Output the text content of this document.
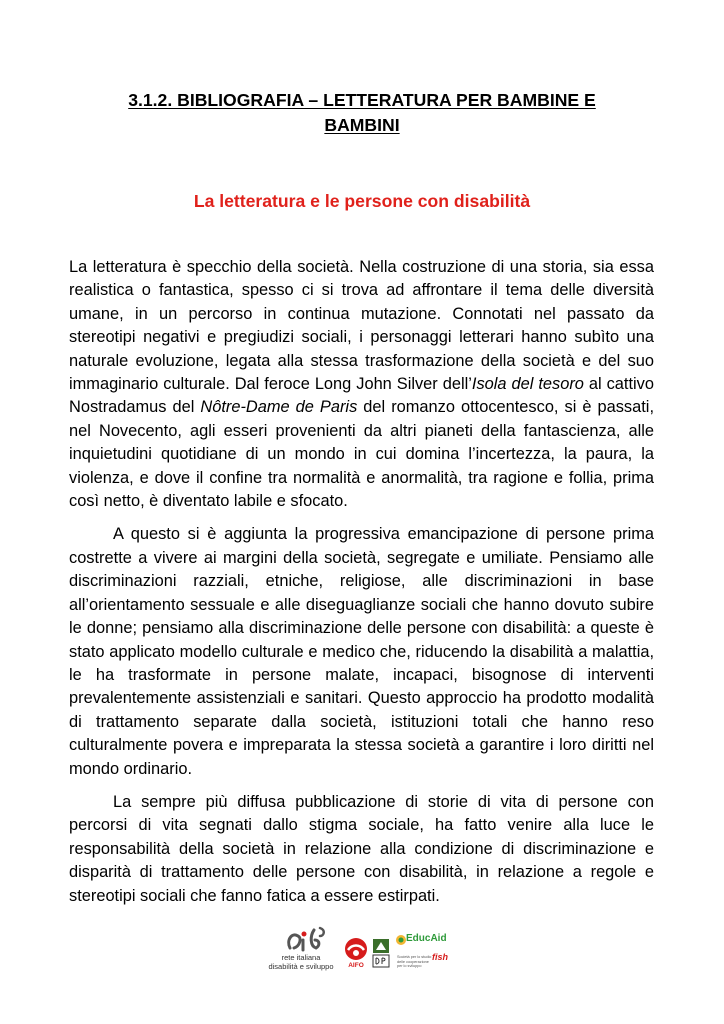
3.1.2. BIBLIOGRAFIA – LETTERATURA PER BAMBINE E
BAMBINI
La letteratura e le persone con disabilità

La letteratura è specchio della società. Nella costruzione di una storia, sia essa realistica o fantastica, spesso ci si trova ad affrontare il tema delle diversità umane, in un percorso in continua mutazione. Connotati nel passato da stereotipi negativi e pregiudizi sociali, i personaggi letterari hanno subìto una naturale evoluzione, legata alla stessa trasformazione della società e del suo immaginario culturale. Dal feroce Long John Silver dell’Isola del tesoro al cattivo Nostradamus del Nôtre-Dame de Paris del romanzo ottocentesco, si è passati, nel Novecento, agli esseri provenienti da altri pianeti della fantascienza, alle inquietudini quotidiane di un mondo in cui domina l’incertezza, la paura, la violenza, e dove il confine tra normalità e anormalità, tra ragione e follia, prima così netto, è diventato labile e sfocato.

A questo si è aggiunta la progressiva emancipazione di persone prima costrette a vivere ai margini della società, segregate e umiliate. Pensiamo alle discriminazioni razziali, etniche, religiose, alle discriminazioni in base all’orientamento sessuale e alle diseguaglianze sociali che hanno dovuto subire le donne; pensiamo alla discriminazione delle persone con disabilità: a queste è stato applicato modello culturale e medico che, riducendo la disabilità a malattia, le ha trasformate in persone malate, incapaci, bisognose di interventi prevalentemente assistenziali e sanitari. Questo approccio ha prodotto modalità di trattamento separate dalla società, istituzioni totali che hanno reso culturalmente povera e impreparata la stessa società a garantire i loro diritti nel mondo ordinario.

La sempre più diffusa pubblicazione di storie di vita di persone con percorsi di vita segnati dallo stigma sociale, ha fatto venire alla luce le responsabilità della società in relazione alla condizione di discriminazione e disparità di trattamento delle persone con disabilità, in relazione a regole e stereotipi sociali che fanno fatica a essere estirpati.

rete italiana
disabilità e sviluppo	AIFO
EducAid
Società per lo studio delle cooperazione per lo sviluppo
fish
